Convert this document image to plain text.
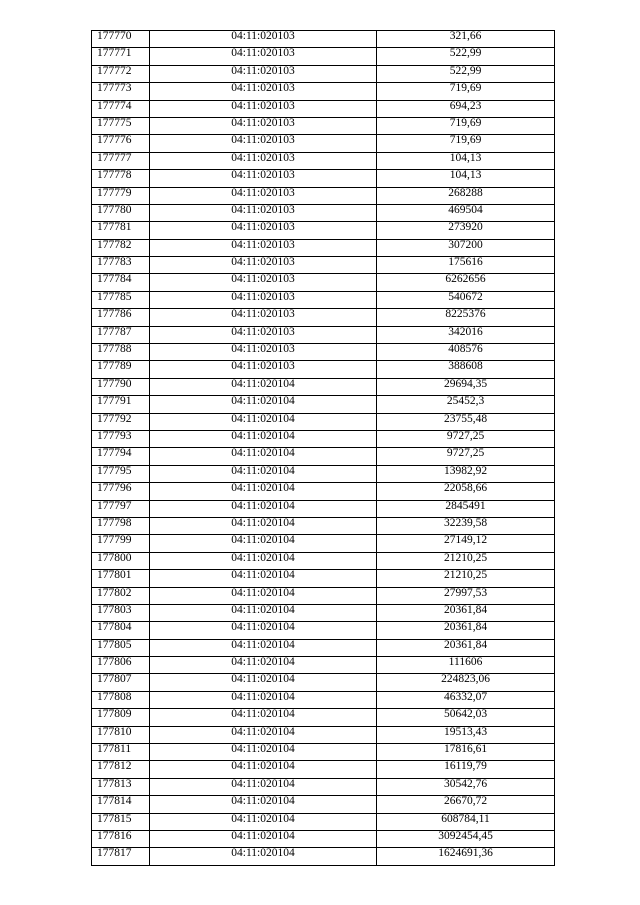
177770	04:11:020103	321,66
177771	04:11:020103	522,99
177772	04:11:020103	522,99
177773	04:11:020103	719,69
177774	04:11:020103	694,23
177775	04:11:020103	719,69
177776	04:11:020103	719,69
177777	04:11:020103	104,13
177778	04:11:020103	104,13
177779	04:11:020103	268288
177780	04:11:020103	469504
177781	04:11:020103	273920
177782	04:11:020103	307200
177783	04:11:020103	175616
177784	04:11:020103	6262656
177785	04:11:020103	540672
177786	04:11:020103	8225376
177787	04:11:020103	342016
177788	04:11:020103	408576
177789	04:11:020103	388608
177790	04:11:020104	29694,35
177791	04:11:020104	25452,3
177792	04:11:020104	23755,48
177793	04:11:020104	9727,25
177794	04:11:020104	9727,25
177795	04:11:020104	13982,92
177796	04:11:020104	22058,66
177797	04:11:020104	2845491
177798	04:11:020104	32239,58
177799	04:11:020104	27149,12
177800	04:11:020104	21210,25
177801	04:11:020104	21210,25
177802	04:11:020104	27997,53
177803	04:11:020104	20361,84
177804	04:11:020104	20361,84
177805	04:11:020104	20361,84
177806	04:11:020104	111606
177807	04:11:020104	224823,06
177808	04:11:020104	46332,07
177809	04:11:020104	50642,03
177810	04:11:020104	19513,43
177811	04:11:020104	17816,61
177812	04:11:020104	16119,79
177813	04:11:020104	30542,76
177814	04:11:020104	26670,72
177815	04:11:020104	608784,11
177816	04:11:020104	3092454,45
177817	04:11:020104	1624691,36
